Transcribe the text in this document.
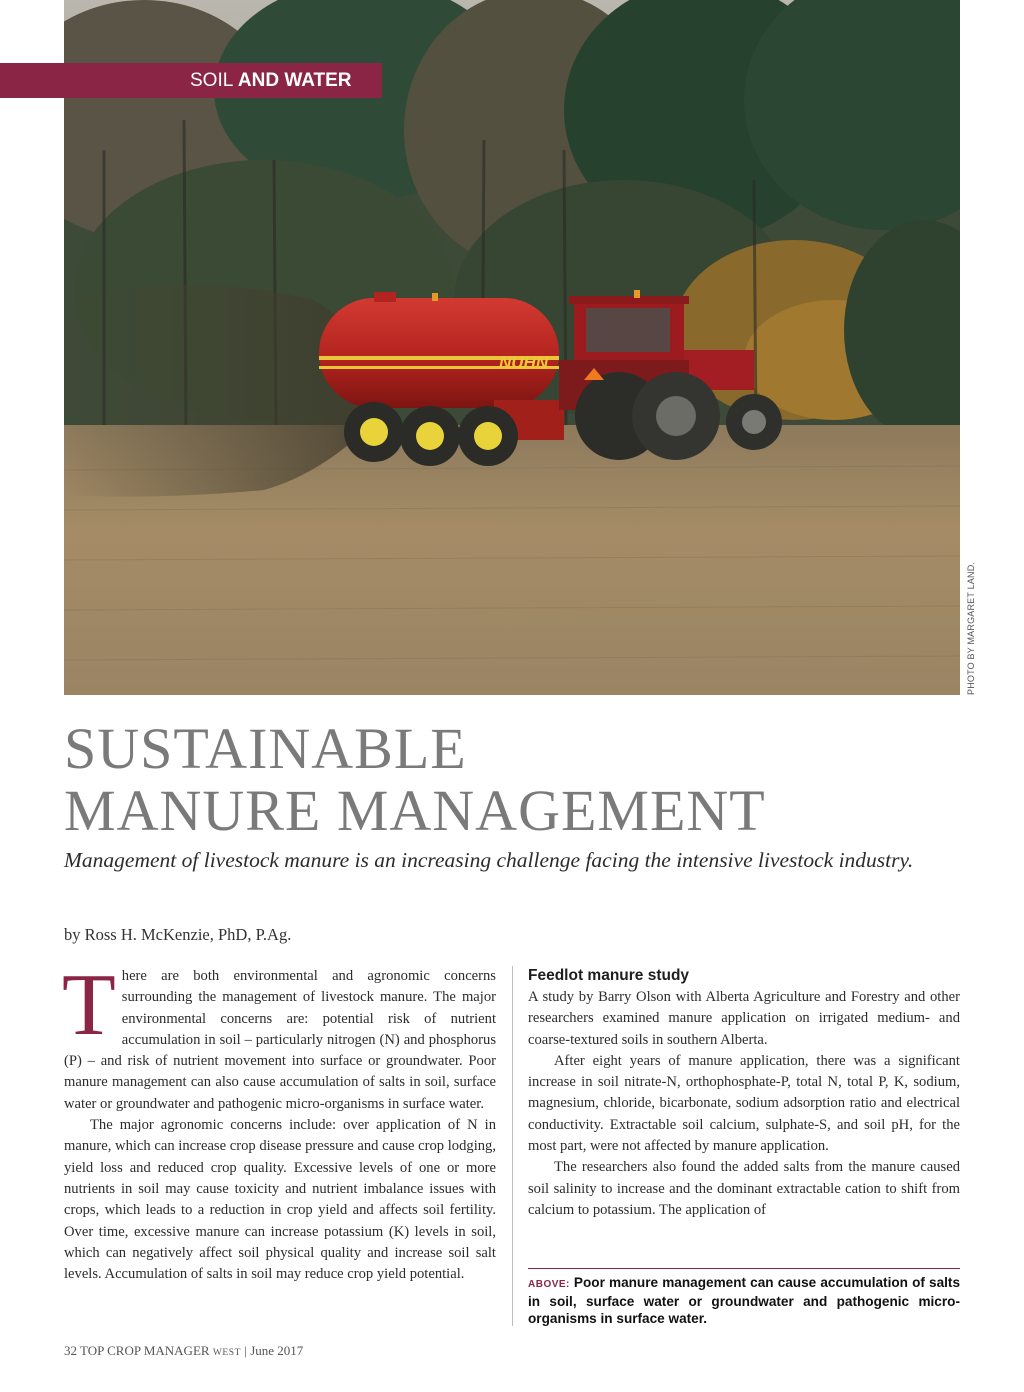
NUHN
PHOTO BY MARGARET LAND.
SOIL AND WATER
SUSTAINABLE
MANURE MANAGEMENT
Management of livestock manure is an increasing challenge facing the intensive livestock industry.
by Ross H. McKenzie, PhD, P.Ag.

There are both environmental and agronomic concerns surrounding the management of livestock manure. The major environmental concerns are: potential risk of nutrient accumulation in soil – particularly nitrogen (N) and phosphorus (P) – and risk of nutrient movement into surface or groundwater. Poor manure management can also cause accumulation of salts in soil, surface water or groundwater and pathogenic micro-organisms in surface water.

The major agronomic concerns include: over application of N in manure, which can increase crop disease pressure and cause crop lodging, yield loss and reduced crop quality. Excessive levels of one or more nutrients in soil may cause toxicity and nutrient imbalance issues with crops, which leads to a reduction in crop yield and affects soil fertility. Over time, excessive manure can increase potassium (K) levels in soil, which can negatively affect soil physical quality and increase soil salt levels. Accumulation of salts in soil may reduce crop yield potential.

Feedlot manure study

A study by Barry Olson with Alberta Agriculture and Forestry and other researchers examined manure application on irrigated medium- and coarse-textured soils in southern Alberta.

After eight years of manure application, there was a significant increase in soil nitrate-N, orthophosphate-P, total N, total P, K, sodium, magnesium, chloride, bicarbonate, sodium adsorption ratio and electrical conductivity. Extractable soil calcium, sulphate-S, and soil pH, for the most part, were not affected by manure application.

The researchers also found the added salts from the manure caused soil salinity to increase and the dominant extractable cation to shift from calcium to potassium. The application of

ABOVE: Poor manure management can cause accumulation of salts in soil, surface water or groundwater and pathogenic micro-organisms in surface water.
32 TOP CROP MANAGER WEST | June 2017
